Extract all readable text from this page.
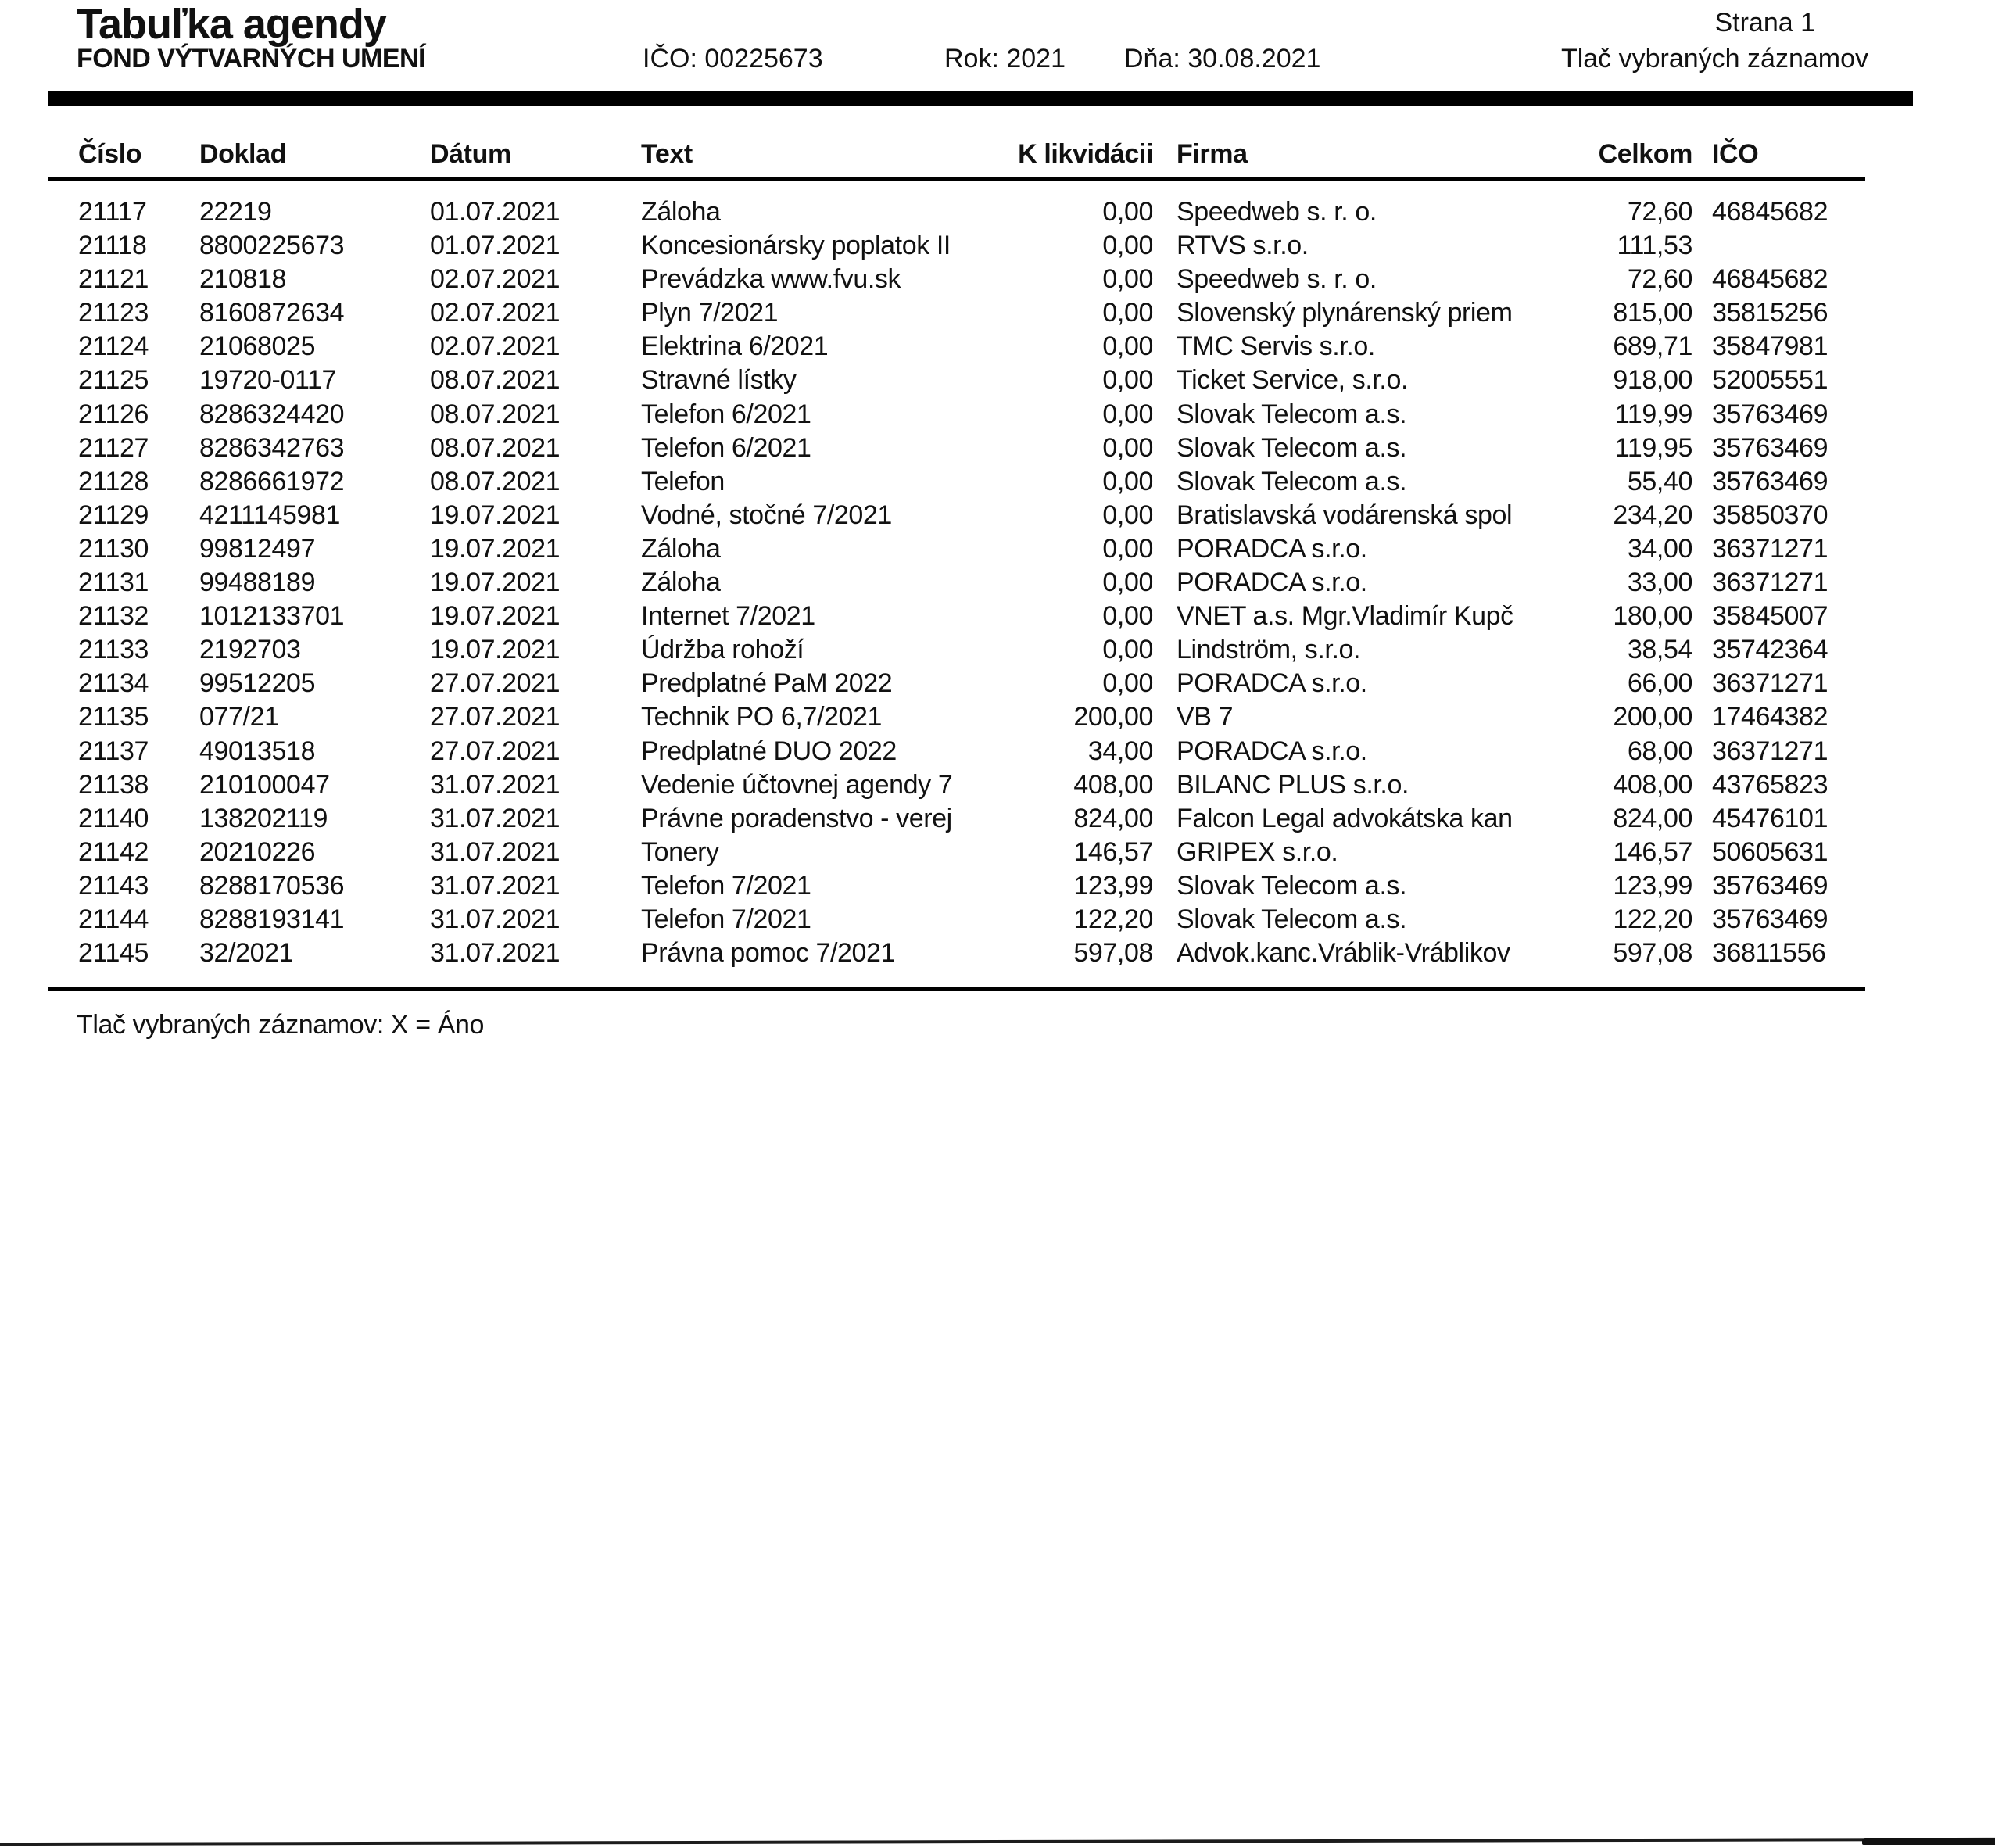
Tabuľka agendy	Strana 1
FOND VÝTVARNÝCH UMENÍ	IČO: 00225673	Rok: 2021 Dňa: 30.08.2021	Tlač vybraných záznamov
Číslo	Doklad	Dátum	Text	K likvidácii Firma	Celkom IČO
21117	22219	01.07.2021	Záloha	0,00 Speedweb s. r. o.	72,60 46845682
21118	8800225673	01.07.2021	Koncesionársky poplatok II	0,00 RTVS s.r.o.	111,53
21121	210818	02.07.2021	Prevádzka www.fvu.sk	0,00 Speedweb s. r. o.	72,60 46845682
21123	8160872634	02.07.2021	Plyn 7/2021	0,00 Slovenský plynárenský priem	815,00 35815256
21124	21068025	02.07.2021	Elektrina 6/2021	0,00 TMC Servis s.r.o.	689,71 35847981
21125	19720-0117	08.07.2021	Stravné lístky	0,00 Ticket Service, s.r.o.	918,00 52005551
21126	8286324420	08.07.2021	Telefon 6/2021	0,00 Slovak Telecom a.s.	119,99 35763469
21127	8286342763	08.07.2021	Telefon 6/2021	0,00 Slovak Telecom a.s.	119,95 35763469
21128	8286661972	08.07.2021	Telefon	0,00 Slovak Telecom a.s.	55,40 35763469
21129	4211145981	19.07.2021	Vodné, stočné 7/2021	0,00 Bratislavská vodárenská spol	234,20 35850370
21130	99812497	19.07.2021	Záloha	0,00 PORADCA s.r.o.	34,00 36371271
21131	99488189	19.07.2021	Záloha	0,00 PORADCA s.r.o.	33,00 36371271
21132	1012133701	19.07.2021	Internet 7/2021	0,00 VNET a.s. Mgr.Vladimír Kupč	180,00 35845007
21133	2192703	19.07.2021	Údržba rohoží	0,00 Lindström, s.r.o.	38,54 35742364
21134	99512205	27.07.2021	Predplatné PaM 2022	0,00 PORADCA s.r.o.	66,00 36371271
21135	077/21	27.07.2021	Technik PO 6,7/2021	200,00 VB 7	200,00 17464382
21137	49013518	27.07.2021	Predplatné DUO 2022	34,00 PORADCA s.r.o.	68,00 36371271
21138	210100047	31.07.2021	Vedenie účtovnej agendy 7	408,00 BILANC PLUS s.r.o.	408,00 43765823
21140	138202119	31.07.2021	Právne poradenstvo - verej	824,00 Falcon Legal advokátska kan	824,00 45476101
21142	20210226	31.07.2021	Tonery	146,57 GRIPEX s.r.o.	146,57 50605631
21143	8288170536	31.07.2021	Telefon 7/2021	123,99 Slovak Telecom a.s.	123,99 35763469
21144	8288193141	31.07.2021	Telefon 7/2021	122,20 Slovak Telecom a.s.	122,20 35763469
21145	32/2021	31.07.2021	Právna pomoc 7/2021	597,08 Advok.kanc.Vráblik-Vráblikov	597,08 36811556
Tlač vybraných záznamov: X = Áno
